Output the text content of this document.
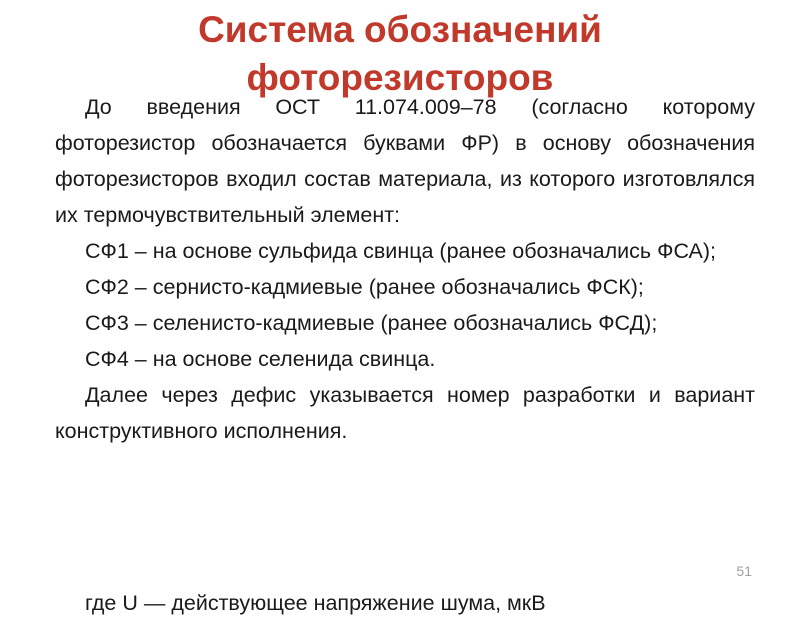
Система обозначений
фоторезисторов

До введения ОСТ 11.074.009–78 (согласно которому фоторезистор обозначается буквами ФР) в основу обозначения фоторезисторов входил состав материала, из которого изготовлялся их термочувствительный элемент:

СФ1 – на основе сульфида свинца (ранее обозначались ФСА);

СФ2 – сернисто-кадмиевые (ранее обозначались ФСК);

СФ3 – селенисто-кадмиевые (ранее обозначались ФСД);

СФ4 – на основе селенида свинца.

Далее через дефис указывается номер разработки и вариант конструктивного исполнения.

51
где U — действующее напряжение шума, мкВ
